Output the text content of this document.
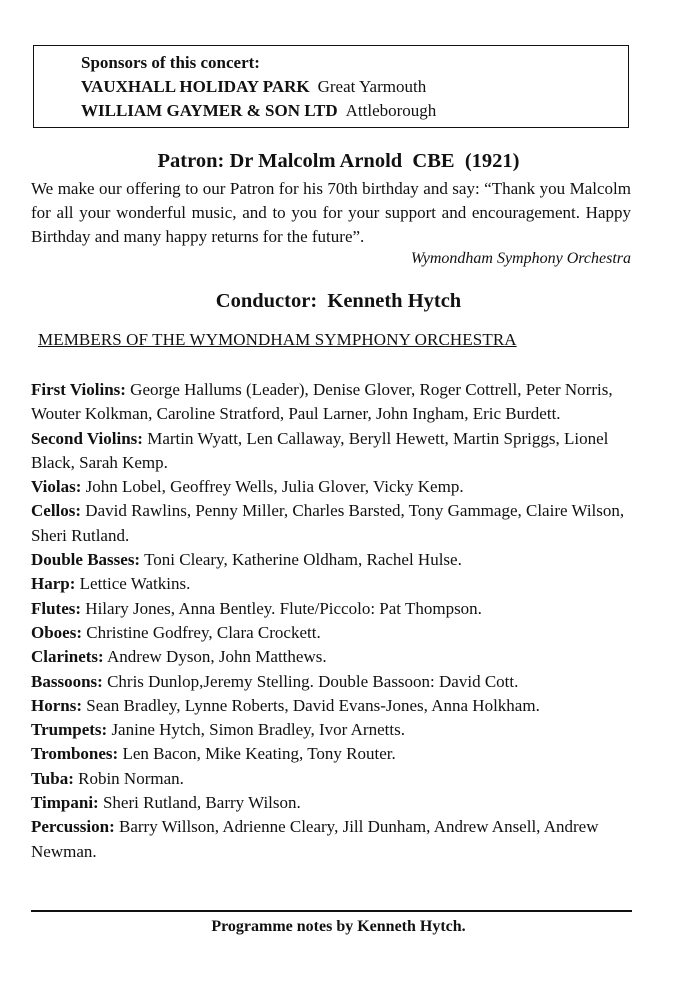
Sponsors of this concert:
VAUXHALL HOLIDAY PARK Great Yarmouth
WILLIAM GAYMER & SON LTD Attleborough
Patron: Dr Malcolm Arnold  CBE  (1921)
We make our offering to our Patron for his 70th birthday and say: “Thank you Malcolm for all your wonderful music, and to you for your support and encouragement. Happy Birthday and many happy returns for the future”.
Wymondham Symphony Orchestra
Conductor:  Kenneth Hytch
MEMBERS OF THE WYMONDHAM SYMPHONY ORCHESTRA

First Violins: George Hallums (Leader), Denise Glover, Roger Cottrell, Peter Norris, Wouter Kolkman, Caroline Stratford, Paul Larner, John Ingham, Eric Burdett.

Second Violins: Martin Wyatt, Len Callaway, Beryll Hewett, Martin Spriggs, Lionel Black, Sarah Kemp.

Violas: John Lobel, Geoffrey Wells, Julia Glover, Vicky Kemp.

Cellos: David Rawlins, Penny Miller, Charles Barsted, Tony Gammage, Claire Wilson, Sheri Rutland.

Double Basses: Toni Cleary, Katherine Oldham, Rachel Hulse.

Harp: Lettice Watkins.

Flutes: Hilary Jones, Anna Bentley. Flute/Piccolo: Pat Thompson.

Oboes: Christine Godfrey, Clara Crockett.

Clarinets: Andrew Dyson, John Matthews.

Bassoons: Chris Dunlop,Jeremy Stelling. Double Bassoon: David Cott.

Horns: Sean Bradley, Lynne Roberts, David Evans-Jones, Anna Holkham.

Trumpets: Janine Hytch, Simon Bradley, Ivor Arnetts.

Trombones: Len Bacon, Mike Keating, Tony Router.

Tuba: Robin Norman.

Timpani: Sheri Rutland, Barry Wilson.

Percussion: Barry Willson, Adrienne Cleary, Jill Dunham, Andrew Ansell, Andrew Newman.

Programme notes by Kenneth Hytch.
